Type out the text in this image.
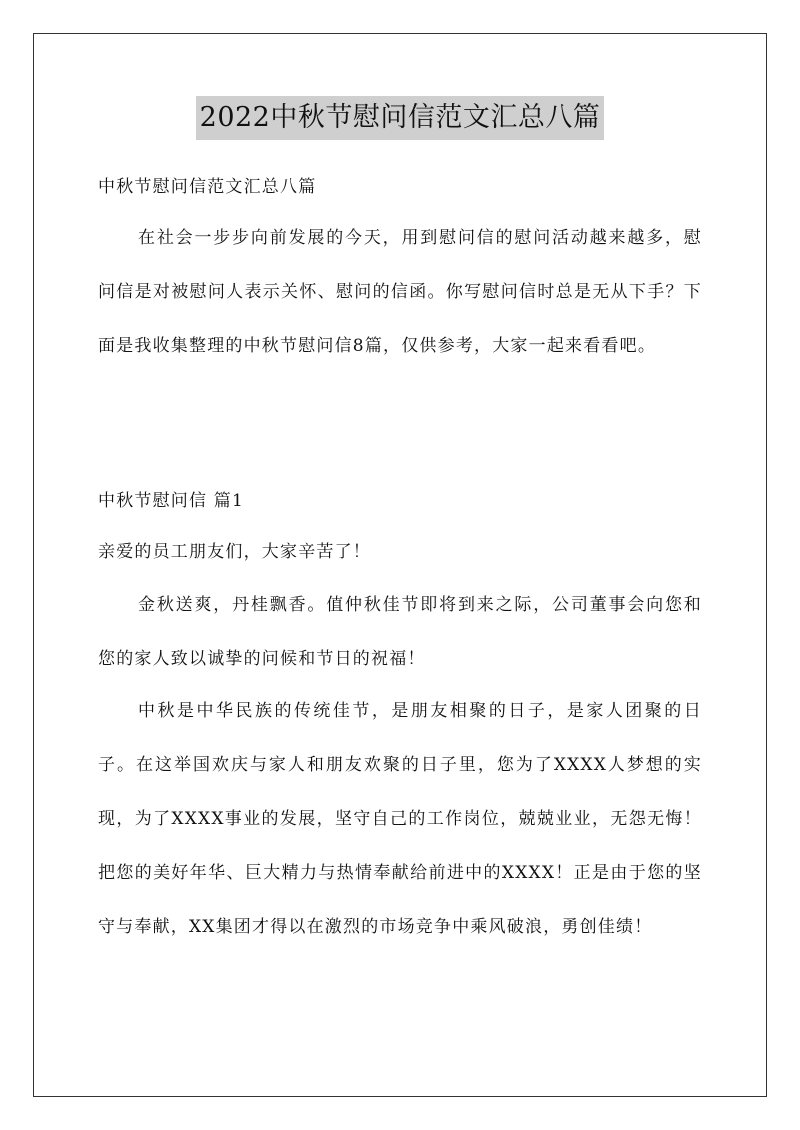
2022中秋节慰问信范文汇总八篇

中秋节慰问信范文汇总八篇

在社会一步步向前发展的今天，用到慰问信的慰问活动越来越多，慰问信是对被慰问人表示关怀、慰问的信函。你写慰问信时总是无从下手？下面是我收集整理的中秋节慰问信8篇，仅供参考，大家一起来看看吧。

中秋节慰问信 篇1

亲爱的员工朋友们，大家辛苦了！

金秋送爽，丹桂飘香。值仲秋佳节即将到来之际，公司董事会向您和您的家人致以诚挚的问候和节日的祝福！

中秋是中华民族的传统佳节，是朋友相聚的日子，是家人团聚的日子。在这举国欢庆与家人和朋友欢聚的日子里，您为了XXXX人梦想的实现，为了XXXX事业的发展，坚守自己的工作岗位，兢兢业业，无怨无悔！把您的美好年华、巨大精力与热情奉献给前进中的XXXX！正是由于您的坚守与奉献，XX集团才得以在激烈的市场竞争中乘风破浪，勇创佳绩！
